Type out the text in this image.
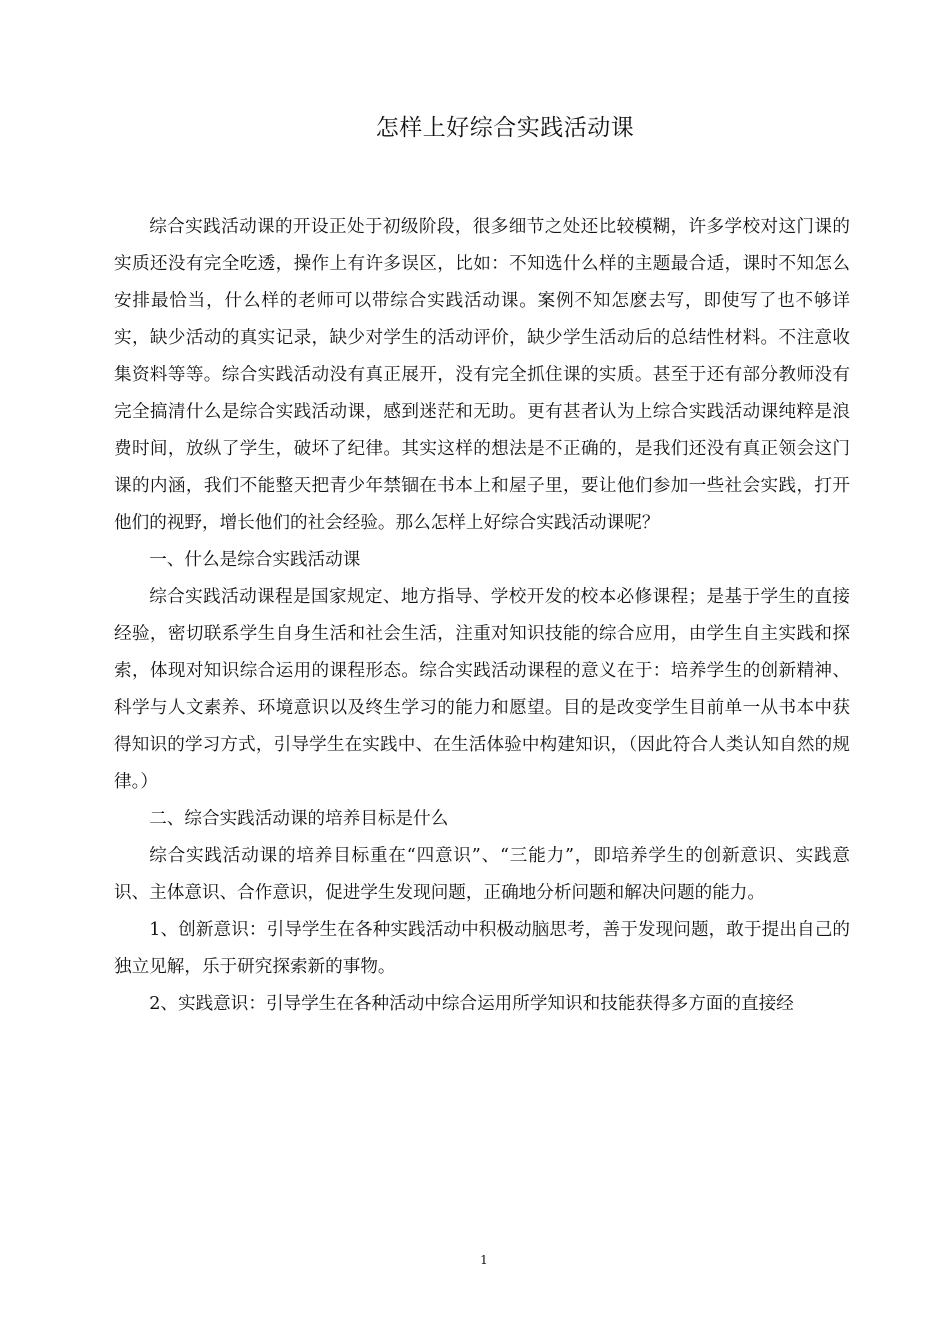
怎样上好综合实践活动课

综合实践活动课的开设正处于初级阶段，很多细节之处还比较模糊，许多学校对这门课的实质还没有完全吃透，操作上有许多误区，比如：不知选什么样的主题最合适，课时不知怎么安排最恰当，什么样的老师可以带综合实践活动课。案例不知怎麽去写，即使写了也不够详实，缺少活动的真实记录，缺少对学生的活动评价，缺少学生活动后的总结性材料。不注意收集资料等等。综合实践活动没有真正展开，没有完全抓住课的实质。甚至于还有部分教师没有完全搞清什么是综合实践活动课，感到迷茫和无助。更有甚者认为上综合实践活动课纯粹是浪费时间，放纵了学生，破坏了纪律。其实这样的想法是不正确的，是我们还没有真正领会这门课的内涵，我们不能整天把青少年禁锢在书本上和屋子里，要让他们参加一些社会实践，打开他们的视野，增长他们的社会经验。那么怎样上好综合实践活动课呢？

一、什么是综合实践活动课

综合实践活动课程是国家规定、地方指导、学校开发的校本必修课程；是基于学生的直接经验，密切联系学生自身生活和社会生活，注重对知识技能的综合应用，由学生自主实践和探索，体现对知识综合运用的课程形态。综合实践活动课程的意义在于：培养学生的创新精神、科学与人文素养、环境意识以及终生学习的能力和愿望。目的是改变学生目前单一从书本中获得知识的学习方式，引导学生在实践中、在生活体验中构建知识，（因此符合人类认知自然的规律。）

二、综合实践活动课的培养目标是什么

综合实践活动课的培养目标重在“四意识”、“三能力”，即培养学生的创新意识、实践意识、主体意识、合作意识，促进学生发现问题，正确地分析问题和解决问题的能力。

1、创新意识：引导学生在各种实践活动中积极动脑思考，善于发现问题，敢于提出自己的独立见解，乐于研究探索新的事物。

2、实践意识：引导学生在各种活动中综合运用所学知识和技能获得多方面的直接经

1
